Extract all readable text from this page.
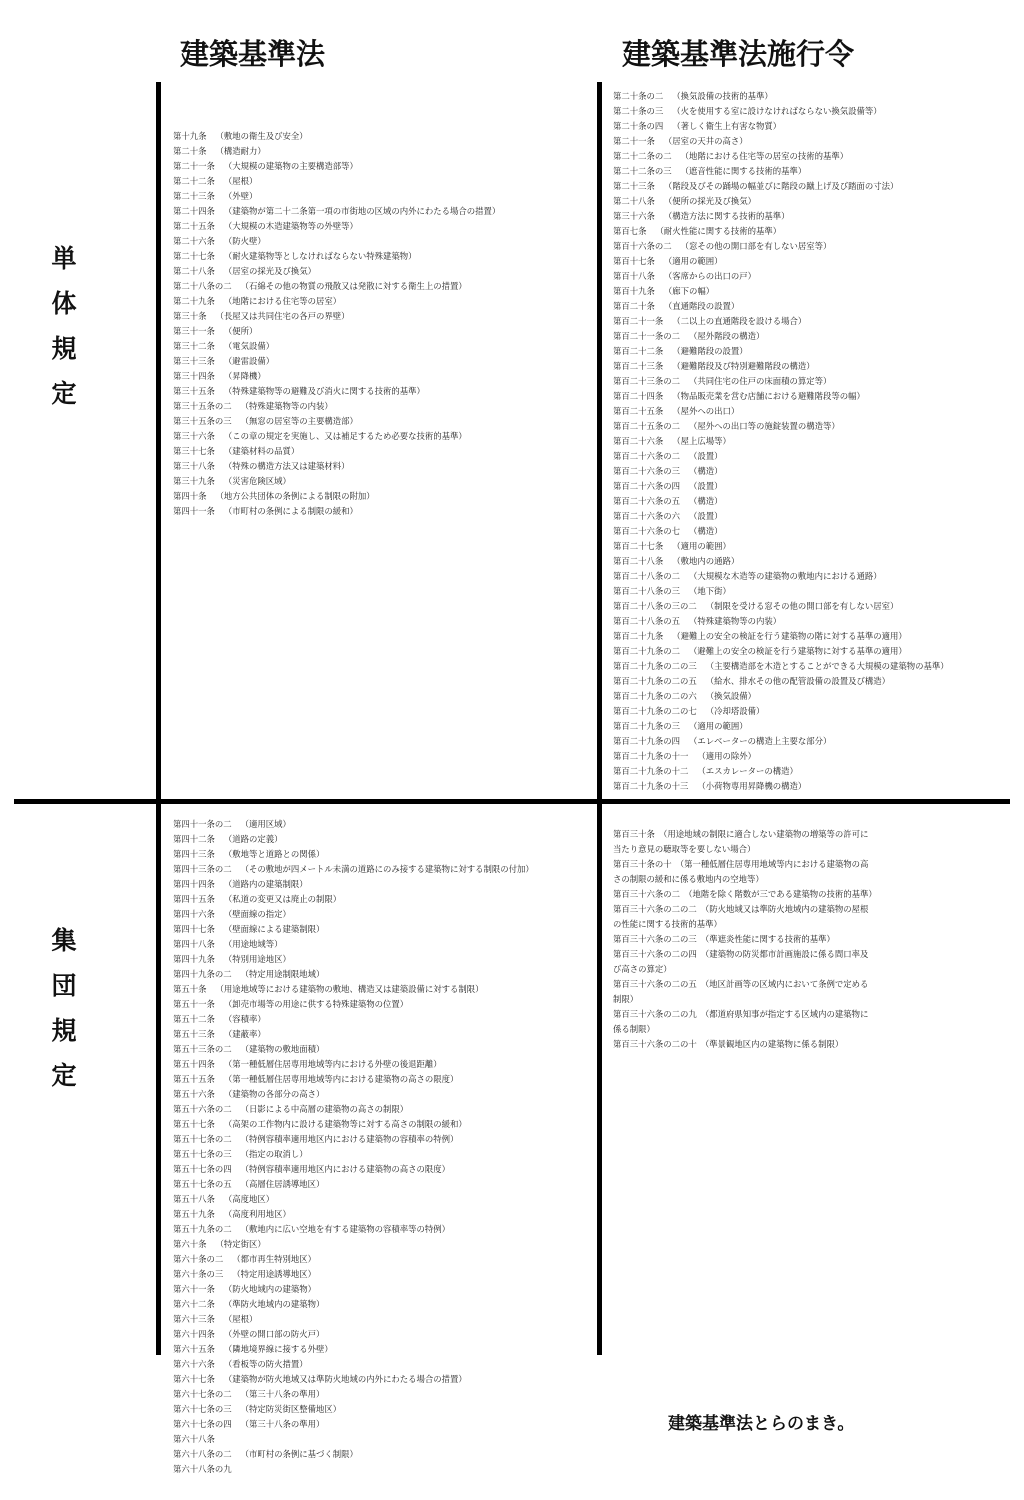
建築基準法	建築基準法施行令
単
体
規
定
集
団
規
定
第十九条 （敷地の衛生及び安全）
第二十条 （構造耐力）
第二十一条 （大規模の建築物の主要構造部等）
第二十二条 （屋根）
第二十三条 （外壁）
第二十四条 （建築物が第二十二条第一項の市街地の区域の内外にわたる場合の措置）
第二十五条 （大規模の木造建築物等の外壁等）
第二十六条 （防火壁）
第二十七条 （耐火建築物等としなければならない特殊建築物）
第二十八条 （居室の採光及び換気）
第二十八条の二 （石綿その他の物質の飛散又は発散に対する衛生上の措置）
第二十九条 （地階における住宅等の居室）
第三十条 （長屋又は共同住宅の各戸の界壁）
第三十一条 （便所）
第三十二条 （電気設備）
第三十三条 （避雷設備）
第三十四条 （昇降機）
第三十五条 （特殊建築物等の避難及び消火に関する技術的基準）
第三十五条の二 （特殊建築物等の内装）
第三十五条の三 （無窓の居室等の主要構造部）
第三十六条 （この章の規定を実施し、又は補足するため必要な技術的基準）
第三十七条 （建築材料の品質）
第三十八条 （特殊の構造方法又は建築材料）
第三十九条 （災害危険区域）
第四十条 （地方公共団体の条例による制限の附加）
第四十一条 （市町村の条例による制限の緩和）
第二十条の二 （換気設備の技術的基準）
第二十条の三 （火を使用する室に設けなければならない換気設備等）
第二十条の四 （著しく衛生上有害な物質）
第二十一条 （居室の天井の高さ）
第二十二条の二 （地階における住宅等の居室の技術的基準）
第二十二条の三 （遮音性能に関する技術的基準）
第二十三条 （階段及びその踊場の幅並びに階段の蹴上げ及び踏面の寸法）
第二十八条 （便所の採光及び換気）
第三十六条 （構造方法に関する技術的基準）
第百七条 （耐火性能に関する技術的基準）
第百十六条の二 （窓その他の開口部を有しない居室等）
第百十七条 （適用の範囲）
第百十八条 （客席からの出口の戸）
第百十九条 （廊下の幅）
第百二十条 （直通階段の設置）
第百二十一条 （二以上の直通階段を設ける場合）
第百二十一条の二 （屋外階段の構造）
第百二十二条 （避難階段の設置）
第百二十三条 （避難階段及び特別避難階段の構造）
第百二十三条の二 （共同住宅の住戸の床面積の算定等）
第百二十四条 （物品販売業を営む店舗における避難階段等の幅）
第百二十五条 （屋外への出口）
第百二十五条の二 （屋外への出口等の施錠装置の構造等）
第百二十六条 （屋上広場等）
第百二十六条の二 （設置）
第百二十六条の三 （構造）
第百二十六条の四 （設置）
第百二十六条の五 （構造）
第百二十六条の六 （設置）
第百二十六条の七 （構造）
第百二十七条 （適用の範囲）
第百二十八条 （敷地内の通路）
第百二十八条の二 （大規模な木造等の建築物の敷地内における通路）
第百二十八条の三 （地下街）
第百二十八条の三の二 （制限を受ける窓その他の開口部を有しない居室）
第百二十八条の五 （特殊建築物等の内装）
第百二十九条 （避難上の安全の検証を行う建築物の階に対する基準の適用）
第百二十九条の二 （避難上の安全の検証を行う建築物に対する基準の適用）
第百二十九条の二の三 （主要構造部を木造とすることができる大規模の建築物の基準）
第百二十九条の二の五 （給水、排水その他の配管設備の設置及び構造）
第百二十九条の二の六 （換気設備）
第百二十九条の二の七 （冷却塔設備）
第百二十九条の三 （適用の範囲）
第百二十九条の四 （エレベーターの構造上主要な部分）
第百二十九条の十一 （適用の除外）
第百二十九条の十二 （エスカレーターの構造）
第百二十九条の十三 （小荷物専用昇降機の構造）
第四十一条の二 （適用区域）
第四十二条 （道路の定義）
第四十三条 （敷地等と道路との関係）
第四十三条の二 （その敷地が四メートル未満の道路にのみ接する建築物に対する制限の付加）
第四十四条 （道路内の建築制限）
第四十五条 （私道の変更又は廃止の制限）
第四十六条 （壁面線の指定）
第四十七条 （壁面線による建築制限）
第四十八条 （用途地域等）
第四十九条 （特別用途地区）
第四十九条の二 （特定用途制限地域）
第五十条 （用途地域等における建築物の敷地、構造又は建築設備に対する制限）
第五十一条 （卸売市場等の用途に供する特殊建築物の位置）
第五十二条 （容積率）
第五十三条 （建蔽率）
第五十三条の二 （建築物の敷地面積）
第五十四条 （第一種低層住居専用地域等内における外壁の後退距離）
第五十五条 （第一種低層住居専用地域等内における建築物の高さの限度）
第五十六条 （建築物の各部分の高さ）
第五十六条の二 （日影による中高層の建築物の高さの制限）
第五十七条 （高架の工作物内に設ける建築物等に対する高さの制限の緩和）
第五十七条の二 （特例容積率適用地区内における建築物の容積率の特例）
第五十七条の三 （指定の取消し）
第五十七条の四 （特例容積率適用地区内における建築物の高さの限度）
第五十七条の五 （高層住居誘導地区）
第五十八条 （高度地区）
第五十九条 （高度利用地区）
第五十九条の二 （敷地内に広い空地を有する建築物の容積率等の特例）
第六十条 （特定街区）
第六十条の二 （都市再生特別地区）
第六十条の三 （特定用途誘導地区）
第六十一条 （防火地域内の建築物）
第六十二条 （準防火地域内の建築物）
第六十三条 （屋根）
第六十四条 （外壁の開口部の防火戸）
第六十五条 （隣地境界線に接する外壁）
第六十六条 （看板等の防火措置）
第六十七条 （建築物が防火地域又は準防火地域の内外にわたる場合の措置）
第六十七条の二 （第三十八条の準用）
第六十七条の三 （特定防災街区整備地区）
第六十七条の四 （第三十八条の準用）
第六十八条
第六十八条の二 （市町村の条例に基づく制限）
第六十八条の九
第百三十条　（用途地域の制限に適合しない建築物の増築等の許可に当たり意見の聴取等を要しない場合）
第百三十条の十　（第一種低層住居専用地域等内における建築物の高さの制限の緩和に係る敷地内の空地等）
第百三十六条の二　（地階を除く階数が三である建築物の技術的基準）
第百三十六条の二の二　（防火地域又は準防火地域内の建築物の屋根の性能に関する技術的基準）
第百三十六条の二の三　（準遮炎性能に関する技術的基準）
第百三十六条の二の四　（建築物の防災都市計画施設に係る間口率及び高さの算定）
第百三十六条の二の五　（地区計画等の区域内において条例で定める制限）
第百三十六条の二の九　（都道府県知事が指定する区域内の建築物に係る制限）
第百三十六条の二の十　（準景観地区内の建築物に係る制限）

建築基準法とらのまき。
